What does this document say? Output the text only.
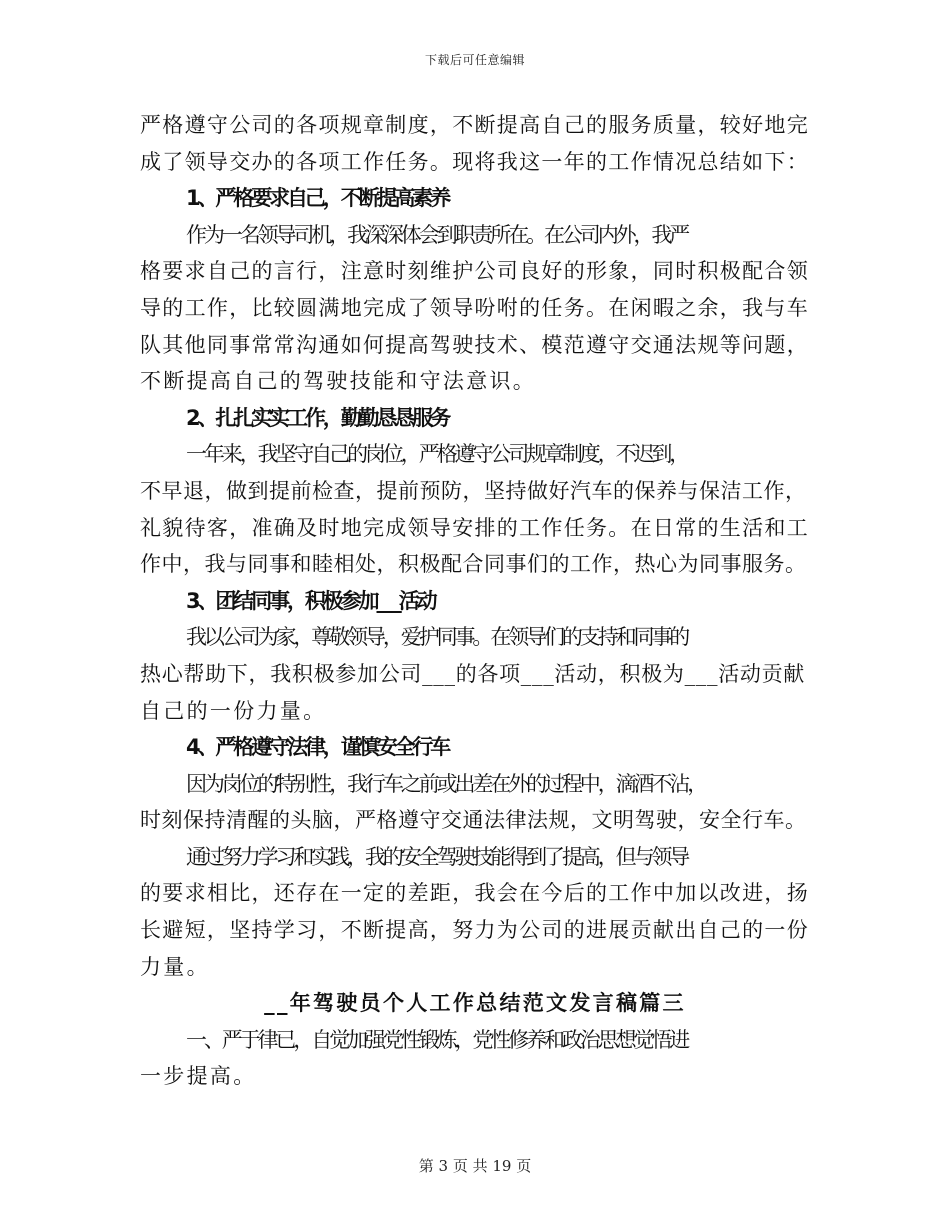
下载后可任意编辑
严格遵守公司的各项规章制度，不断提高自己的服务质量，较好地完
成了领导交办的各项工作任务。现将我这一年的工作情况总结如下：
1、严格要求自己，不断提高素养
作为一名领导司机，我深深体会到职责所在。在公司内外，我严
格要求自己的言行，注意时刻维护公司良好的形象，同时积极配合领
导的工作，比较圆满地完成了领导吩咐的任务。在闲暇之余，我与车
队其他同事常常沟通如何提高驾驶技术、模范遵守交通法规等问题，
不断提高自己的驾驶技能和守法意识。
2、扎扎实实工作，勤勤恳恳服务
一年来，我坚守自己的岗位，严格遵守公司规章制度，不迟到，
不早退，做到提前检查，提前预防，坚持做好汽车的保养与保洁工作，
礼貌待客，准确及时地完成领导安排的工作任务。在日常的生活和工
作中，我与同事和睦相处，积极配合同事们的工作，热心为同事服务。
3、团结同事，积极参加___活动
我以公司为家，尊敬领导，爱护同事。在领导们的支持和同事的
热心帮助下，我积极参加公司___的各项___活动，积极为___活动贡献
自己的一份力量。
4、严格遵守法律，谨慎安全行车
因为岗位的特别性，我行车之前或出差在外的过程中，滴酒不沾，
时刻保持清醒的头脑，严格遵守交通法律法规，文明驾驶，安全行车。
通过努力学习和实践，我的安全驾驶技能得到了提高，但与领导
的要求相比，还存在一定的差距，我会在今后的工作中加以改进，扬
长避短，坚持学习，不断提高，努力为公司的进展贡献出自己的一份
力量。
__年驾驶员个人工作总结范文发言稿篇三
一、严于律已，自觉加强党性锻炼，党性修养和政治思想觉悟进
一步提高。
第 3 页 共 19 页
